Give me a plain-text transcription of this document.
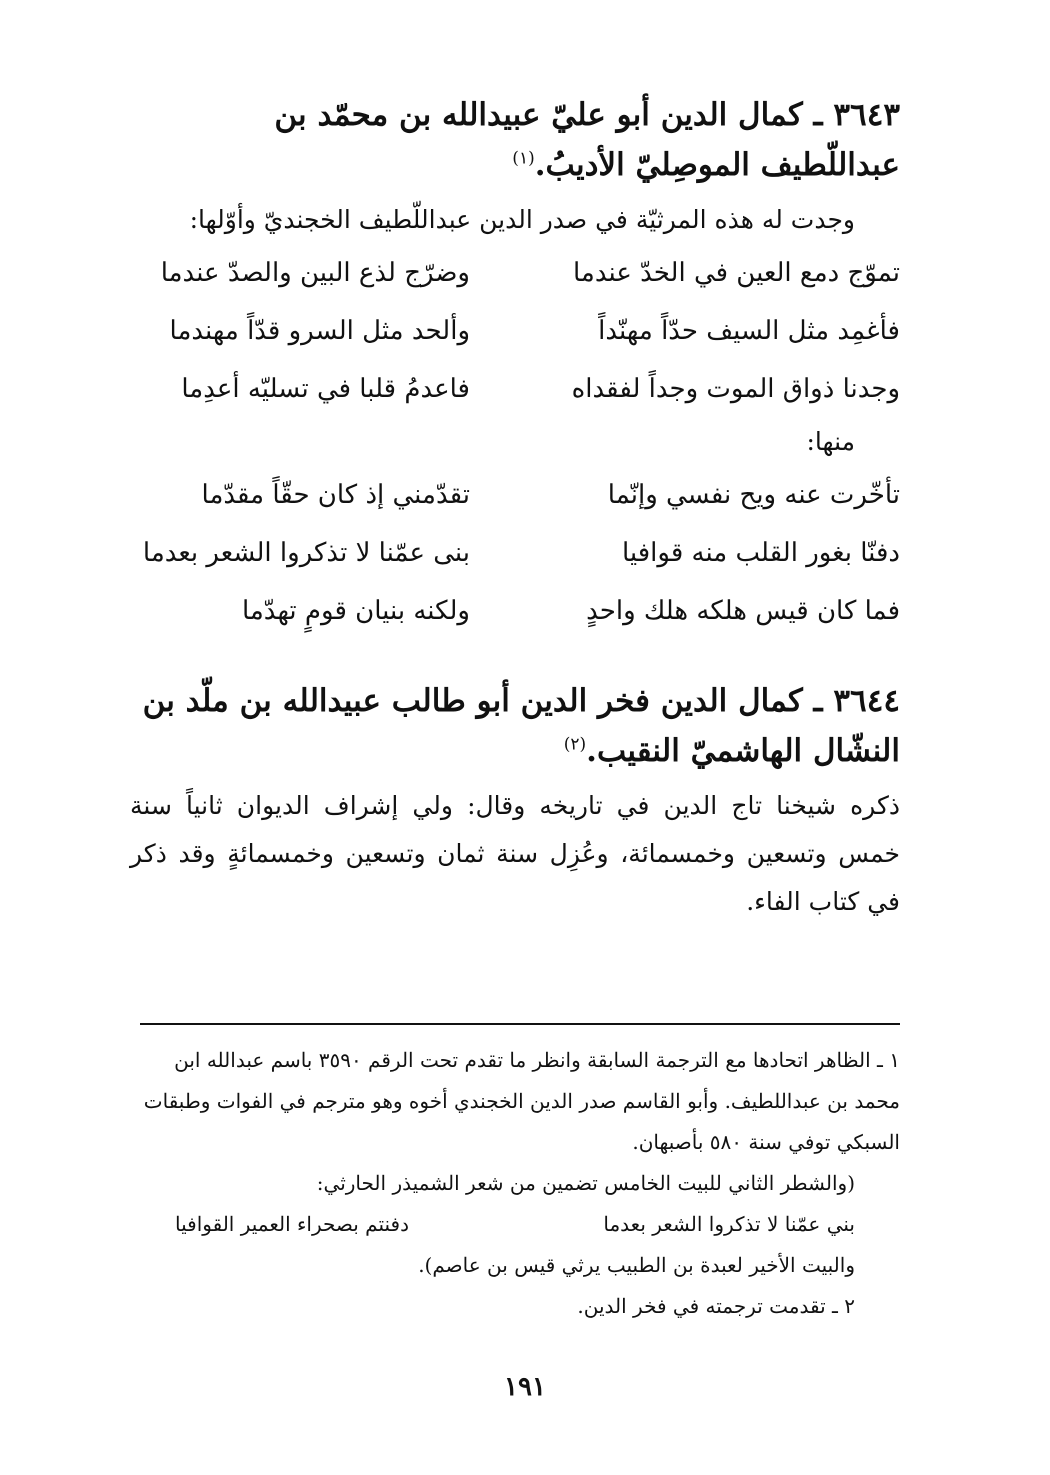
٣٦٤٣ ـ كمال الدين أبو عليّ عبيدالله بن محمّد بن عبداللّطيف الموصِليّ الأديبُ.$^{(١)}$

وجدت له هذه المرثيّة في صدر الدين عبداللّطيف الخجنديّ وأوّلها:

تموّج دمع العين في الخدّ عندما
وضرّج لذع البين والصدّ عندما
فأغمِد مثل السيف حدّاً مهنّداً
وألحد مثل السرو قدّاً مهندما
وجدنا ذواق الموت وجداً لفقداه
فاعدمُ قلبا في تسليّه أعدِما

منها:

تأخّرت عنه ويح نفسي وإنّما
تقدّمني إذ كان حقّاً مقدّما
دفنّا بغور القلب منه قوافيا
بنى عمّنا لا تذكروا الشعر بعدما
فما كان قيس هلكه هلك واحدٍ
ولكنه بنيان قومٍ تهدّما

٣٦٤٤ ـ كمال الدين فخر الدين أبو طالب عبيدالله بن ملّد بن النشّال الهاشميّ النقيب.$^{(٢)}$

ذكره شيخنا تاج الدين في تاريخه وقال: ولي إشراف الديوان ثانياً سنة خمس وتسعين وخمسمائة، وعُزِل سنة ثمان وتسعين وخمسمائةٍ وقد ذكر في كتاب الفاء.

١ ـ الظاهر اتحادها مع الترجمة السابقة وانظر ما تقدم تحت الرقم ٣٥٩٠ باسم عبدالله ابن محمد بن عبداللطيف. وأبو القاسم صدر الدين الخجندي أخوه وهو مترجم في الفوات وطبقات السبكي توفي سنة ٥٨٠ بأصبهان.

(والشطر الثاني للبيت الخامس تضمين من شعر الشميذر الحارثي:

بني عمّنا لا تذكروا الشعر بعدما
دفنتم بصحراء العمير القوافيا

والبيت الأخير لعبدة بن الطبيب يرثي قيس بن عاصم).

٢ ـ تقدمت ترجمته في فخر الدين.

١٩١
